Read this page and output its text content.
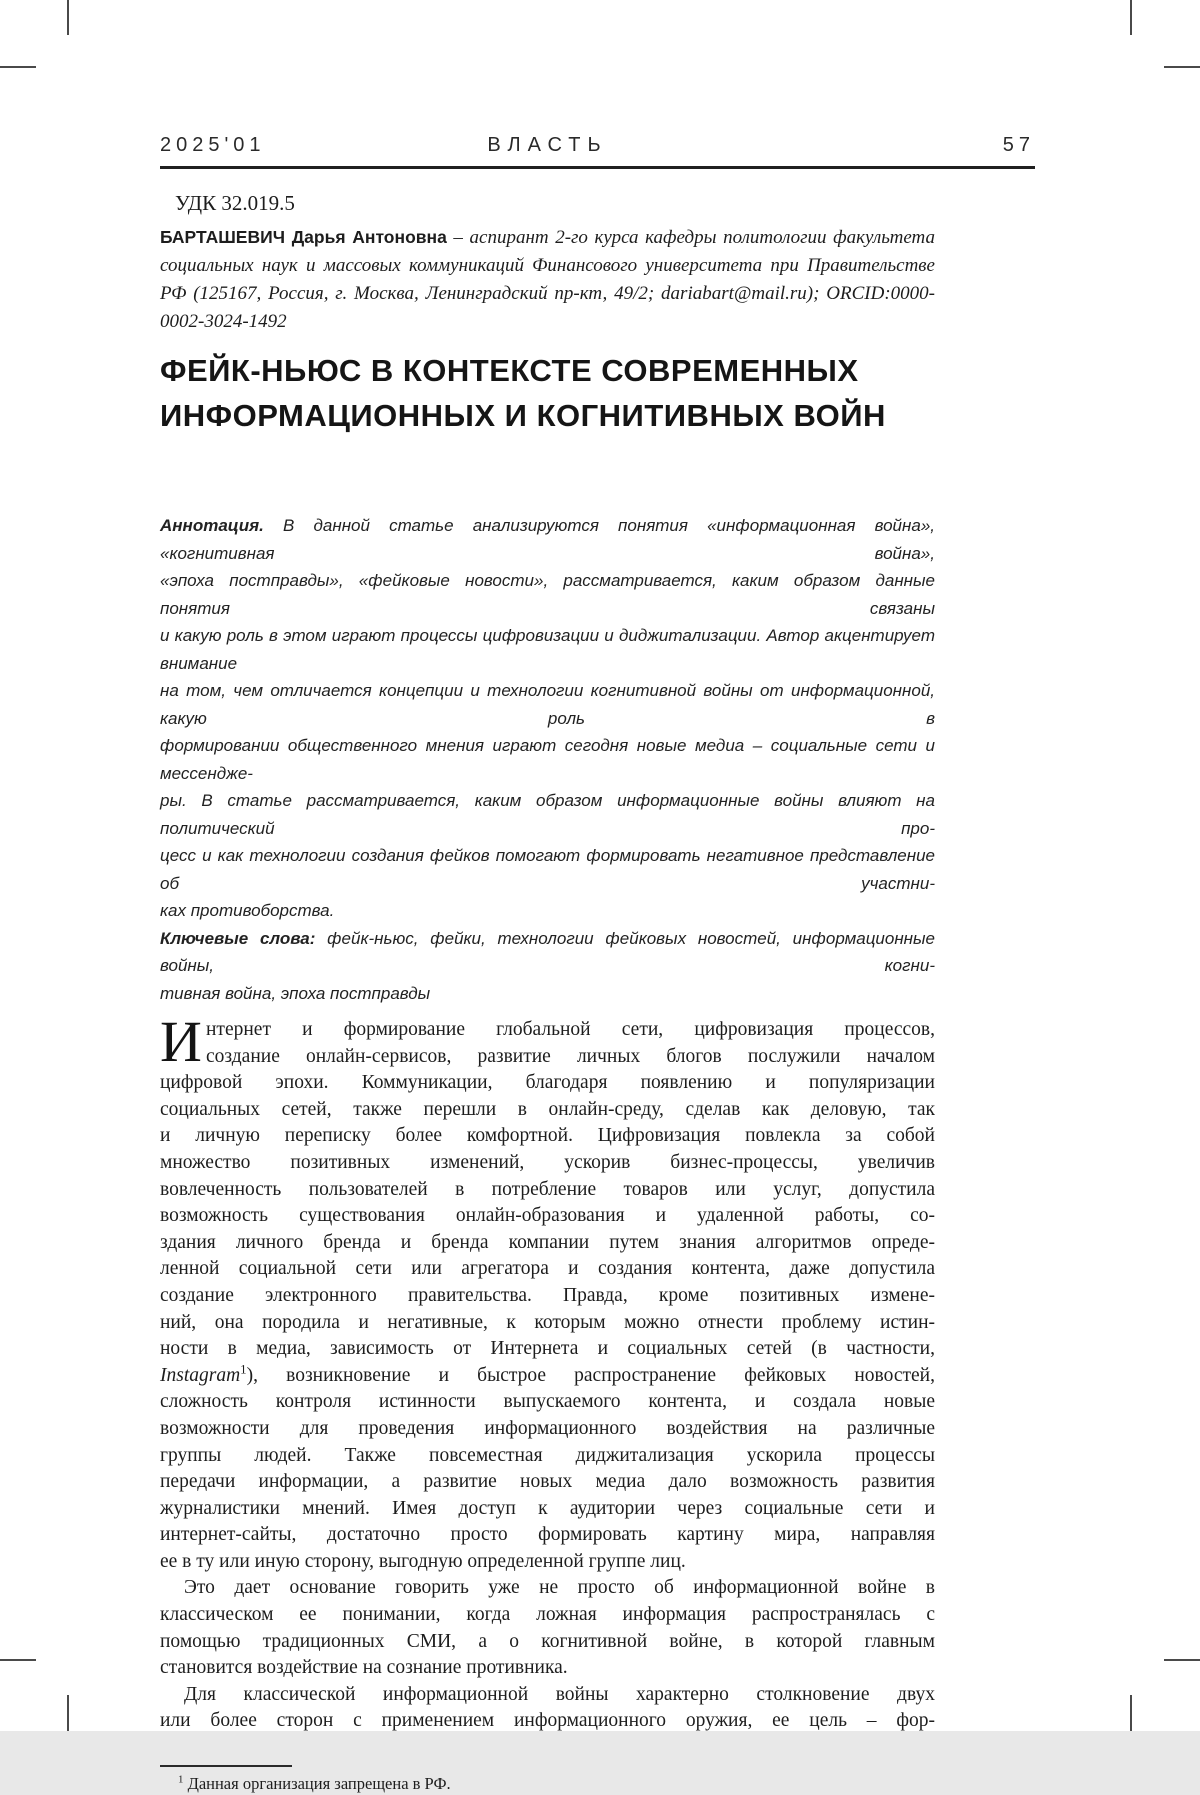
2025'01	ВЛАСТЬ	57
УДК 32.019.5

БАРТАШЕВИЧ Дарья Антоновна – аспирант 2-го курса кафедры политологии факультета социальных наук и массовых коммуникаций Финансового университета при Правительстве РФ (125167, Россия, г. Москва, Ленинградский пр-кт, 49/2; dariabart@mail.ru); ORCID:0000-0002-3024-1492

ФЕЙК-НЬЮС В КОНТЕКСТЕ СОВРЕМЕННЫХ
ИНФОРМАЦИОННЫХ И КОГНИТИВНЫХ ВОЙН
Аннотация. В данной статье анализируются понятия «информационная война», «когнитивная война»,
«эпоха постправды», «фейковые новости», рассматривается, каким образом данные понятия связаны
и какую роль в этом играют процессы цифровизации и диджитализации. Автор акцентирует внимание
на том, чем отличается концепции и технологии когнитивной войны от информационной, какую роль в
формировании общественного мнения играют сегодня новые медиа – социальные сети и мессендже-
ры. В статье рассматривается, каким образом информационные войны влияют на политический про-
цесс и как технологии создания фейков помогают формировать негативное представление об участни-
ках противоборства.
Ключевые слова: фейк-ньюс, фейки, технологии фейковых новостей, информационные войны, когни-
тивная война, эпоха постправды
И нтернет и формирование глобальной сети, цифровизация процессов,
создание онлайн-сервисов, развитие личных блогов послужили началом
цифровой эпохи. Коммуникации, благодаря появлению и популяризации
социальных сетей, также перешли в онлайн-среду, сделав как деловую, так
и личную переписку более комфортной. Цифровизация повлекла за собой
множество позитивных изменений, ускорив бизнес-процессы, увеличив
вовлеченность пользователей в потребление товаров или услуг, допустила
возможность существования онлайн-образования и удаленной работы, со-
здания личного бренда и бренда компании путем знания алгоритмов опреде-
ленной социальной сети или агрегатора и создания контента, даже допустила
создание электронного правительства. Правда, кроме позитивных измене-
ний, она породила и негативные, к которым можно отнести проблему истин-
ности в медиа, зависимость от Интернета и социальных сетей (в частности,
Instagram$^1$), возникновение и быстрое распространение фейковых новостей,
сложность контроля истинности выпускаемого контента, и создала новые
возможности для проведения информационного воздействия на различные
группы людей. Также повсеместная диджитализация ускорила процессы
передачи информации, а развитие новых медиа дало возможность развития
журналистики мнений. Имея доступ к аудитории через социальные сети и
интернет-сайты, достаточно просто формировать картину мира, направляя
ее в ту или иную сторону, выгодную определенной группе лиц.
Это дает основание говорить уже не просто об информационной войне в
классическом ее понимании, когда ложная информация распространялась с
помощью традиционных СМИ, а о когнитивной войне, в которой главным
становится воздействие на сознание противника.
Для классической информационной войны характерно столкновение двух
или более сторон с применением информационного оружия, ее цель – фор-
$^1$ Данная организация запрещена в РФ.
